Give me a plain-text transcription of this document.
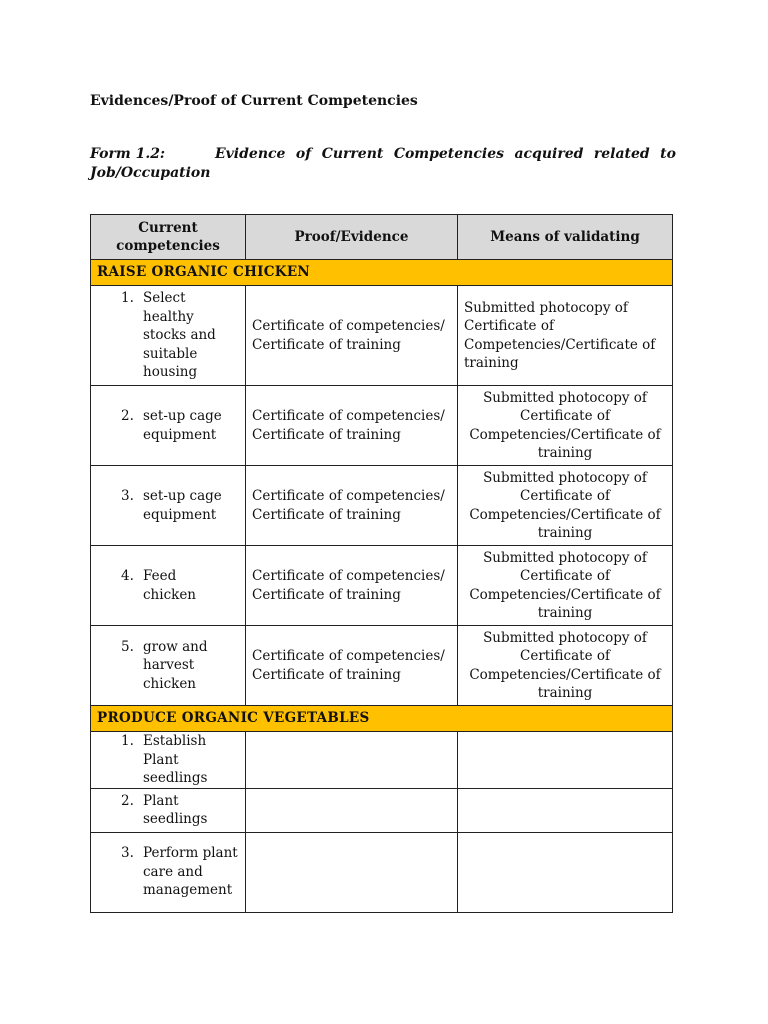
Evidences/Proof of Current Competencies
Form 1.2:	Evidence of Current Competencies acquired related to
Job/Occupation
Current competencies	Proof/Evidence	Means of validating
RAISE ORGANIC CHICKEN		

1. Select healthy stocks and suitable housing	Certificate of competencies/ Certificate of training	Submitted photocopy of Certificate of Competencies/Certificate of training

2. set-up cage equipment	Certificate of competencies/ Certificate of training	Submitted photocopy of Certificate of Competencies/Certificate of training

3. set-up cage equipment	Certificate of competencies/ Certificate of training	Submitted photocopy of Certificate of Competencies/Certificate of training

4. Feed chicken	Certificate of competencies/ Certificate of training	Submitted photocopy of Certificate of Competencies/Certificate of training

5. grow and harvest chicken	Certificate of competencies/ Certificate of training	Submitted photocopy of Certificate of Competencies/Certificate of training
PRODUCE ORGANIC VEGETABLES		

1. Establish Plant seedlings		

2. Plant seedlings		

3. Perform plant care and management		
